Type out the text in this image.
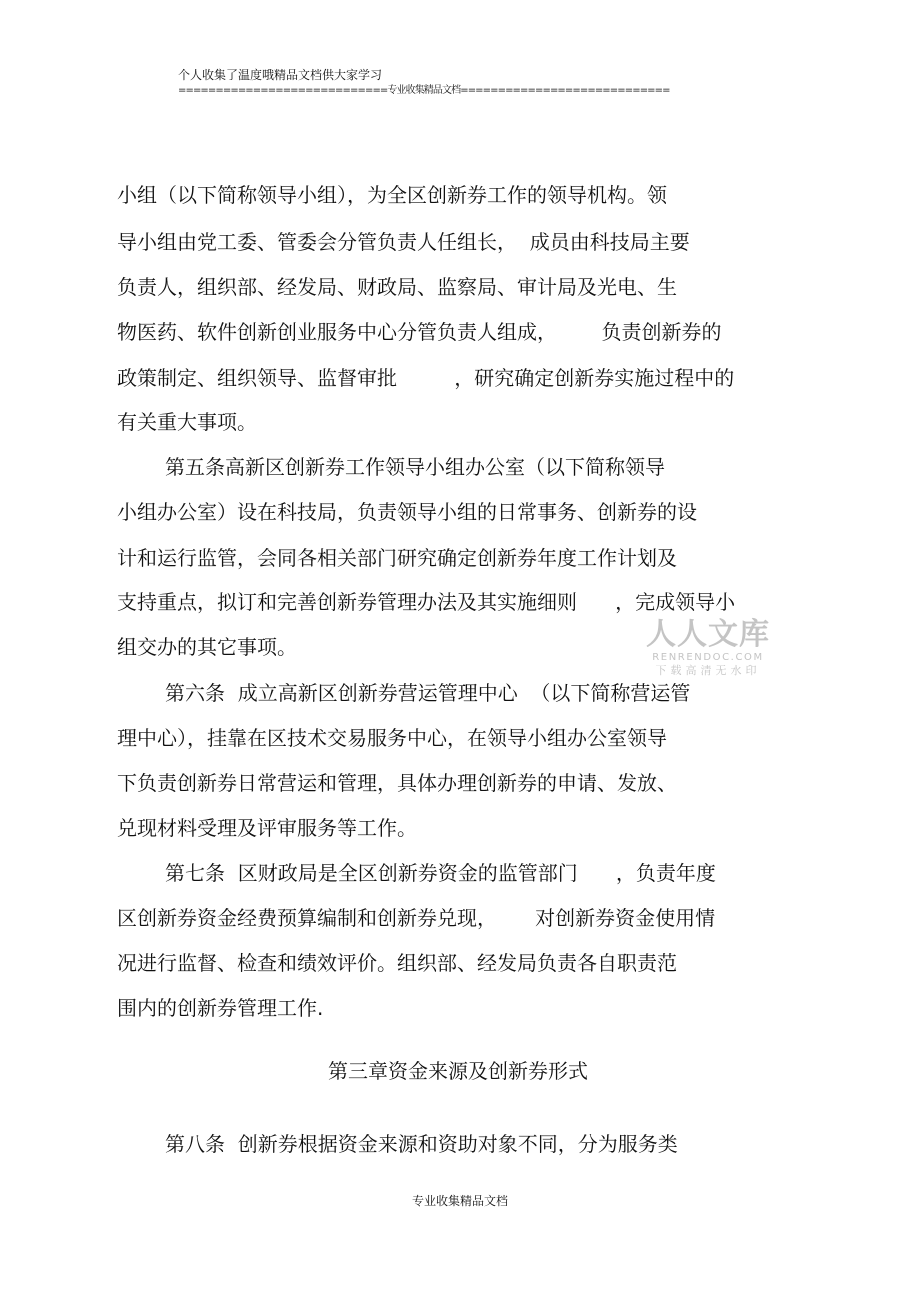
个人收集了温度哦精品文档供大家学习
============================专业收集精品文档============================
小组（以下简称领导小组），为全区创新券工作的领导机构。领
导小组由党工委、管委会分管负责人任组长，  成员由科技局主要
负责人，组织部、经发局、财政局、监察局、审计局及光电、生
物医药、软件创新创业服务中心分管负责人组成，       负责创新券的
政策制定、组织领导、监督审批         ，研究确定创新券实施过程中的
有关重大事项。
第五条高新区创新券工作领导小组办公室（以下简称领导
小组办公室）设在科技局，负责领导小组的日常事务、创新券的设
计和运行监管，会同各相关部门研究确定创新券年度工作计划及
支持重点，拟订和完善创新券管理办法及其实施细则      ，完成领导小
组交办的其它事项。
第六条  成立高新区创新券营运管理中心  （以下简称营运管
理中心），挂靠在区技术交易服务中心，在领导小组办公室领导
下负责创新券日常营运和管理，具体办理创新券的申请、发放、
兑现材料受理及评审服务等工作。
第七条  区财政局是全区创新券资金的监管部门      ，负责年度
区创新券资金经费预算编制和创新券兑现，      对创新券资金使用情
况进行监督、检查和绩效评价。组织部、经发局负责各自职责范
围内的创新券管理工作.
第三章资金来源及创新券形式
第八条  创新券根据资金来源和资助对象不同，分为服务类
人人文库
RENRENDOC.COM
下载高清无水印
专业收集精品文档
